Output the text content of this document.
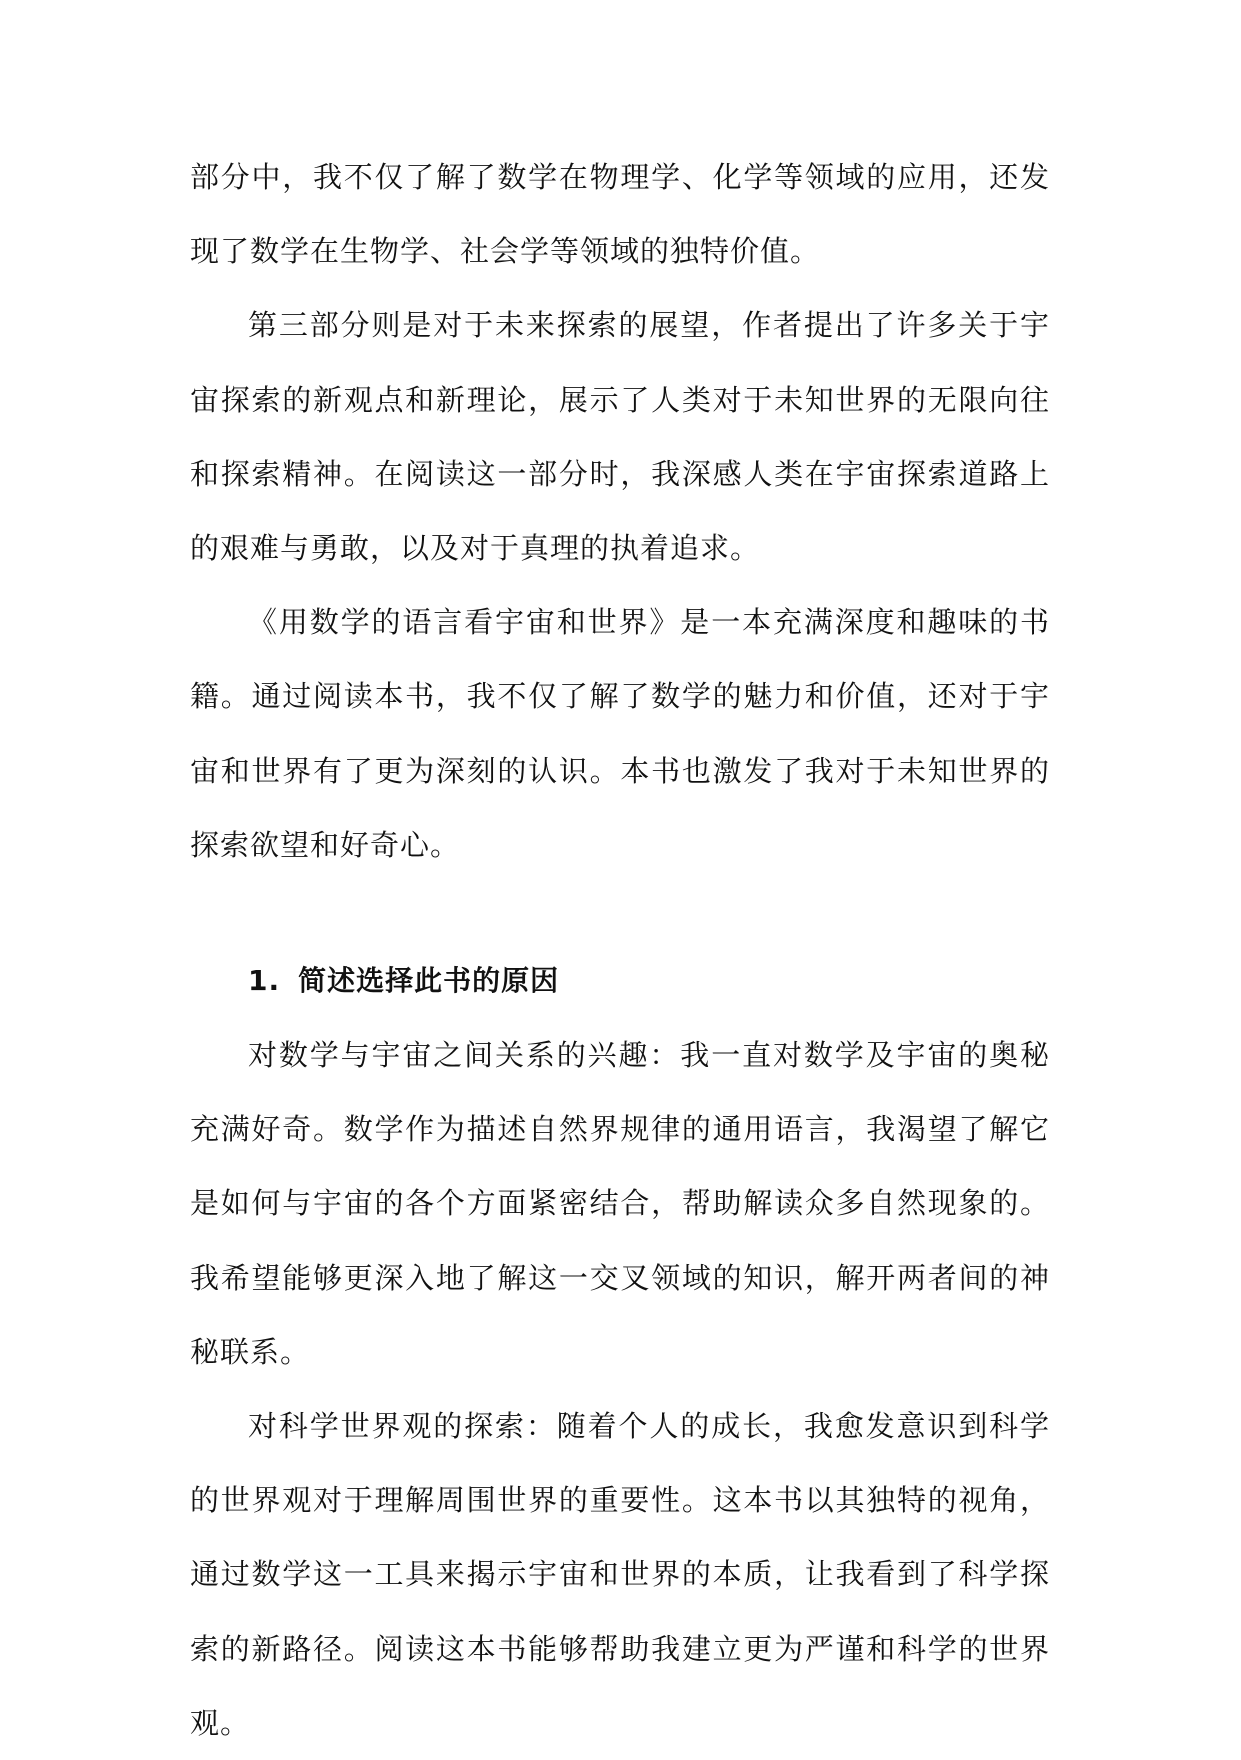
部分中，我不仅了解了数学在物理学、化学等领域的应用，还发现了数学在生物学、社会学等领域的独特价值。

第三部分则是对于未来探索的展望，作者提出了许多关于宇宙探索的新观点和新理论，展示了人类对于未知世界的无限向往和探索精神。在阅读这一部分时，我深感人类在宇宙探索道路上的艰难与勇敢，以及对于真理的执着追求。

《用数学的语言看宇宙和世界》是一本充满深度和趣味的书籍。通过阅读本书，我不仅了解了数学的魅力和价值，还对于宇宙和世界有了更为深刻的认识。本书也激发了我对于未知世界的探索欲望和好奇心。

1. 简述选择此书的原因

对数学与宇宙之间关系的兴趣：我一直对数学及宇宙的奥秘充满好奇。数学作为描述自然界规律的通用语言，我渴望了解它是如何与宇宙的各个方面紧密结合，帮助解读众多自然现象的。我希望能够更深入地了解这一交叉领域的知识，解开两者间的神秘联系。

对科学世界观的探索：随着个人的成长，我愈发意识到科学的世界观对于理解周围世界的重要性。这本书以其独特的视角，通过数学这一工具来揭示宇宙和世界的本质，让我看到了科学探索的新路径。阅读这本书能够帮助我建立更为严谨和科学的世界观。
